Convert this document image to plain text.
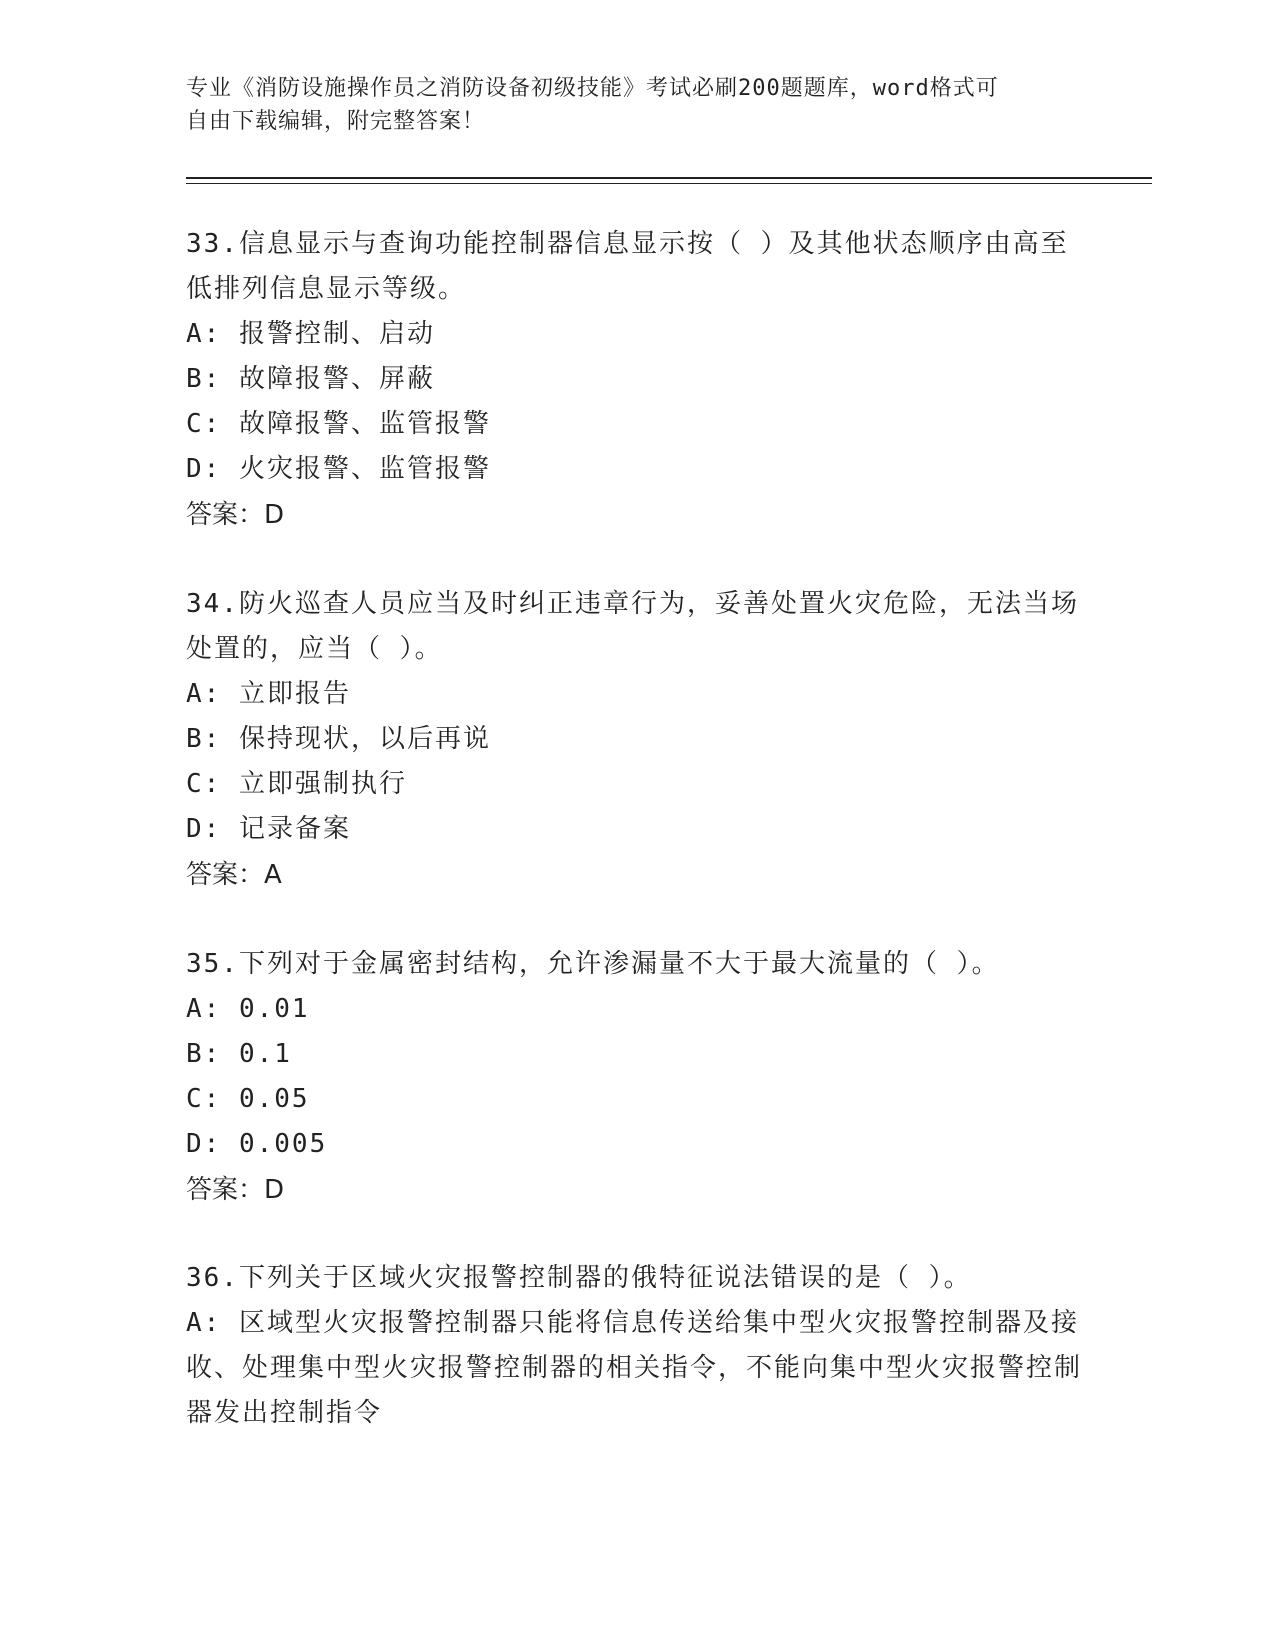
专业《消防设施操作员之消防设备初级技能》考试必刷200题题库，word格式可
自由下载编辑，附完整答案！

33.信息显示与查询功能控制器信息显示按（ ）及其他状态顺序由高至低排列信息显示等级。

A: 报警控制、启动

B: 故障报警、屏蔽

C: 故障报警、监管报警

D: 火灾报警、监管报警

答案：D

34.防火巡查人员应当及时纠正违章行为，妥善处置火灾危险，无法当场处置的，应当（ ）。

A: 立即报告

B: 保持现状，以后再说

C: 立即强制执行

D: 记录备案

答案：A

35.下列对于金属密封结构，允许渗漏量不大于最大流量的（ ）。

A: 0.01

B: 0.1

C: 0.05

D: 0.005

答案：D

36.下列关于区域火灾报警控制器的俄特征说法错误的是（ ）。

A: 区域型火灾报警控制器只能将信息传送给集中型火灾报警控制器及接收、处理集中型火灾报警控制器的相关指令，不能向集中型火灾报警控制器发出控制指令
